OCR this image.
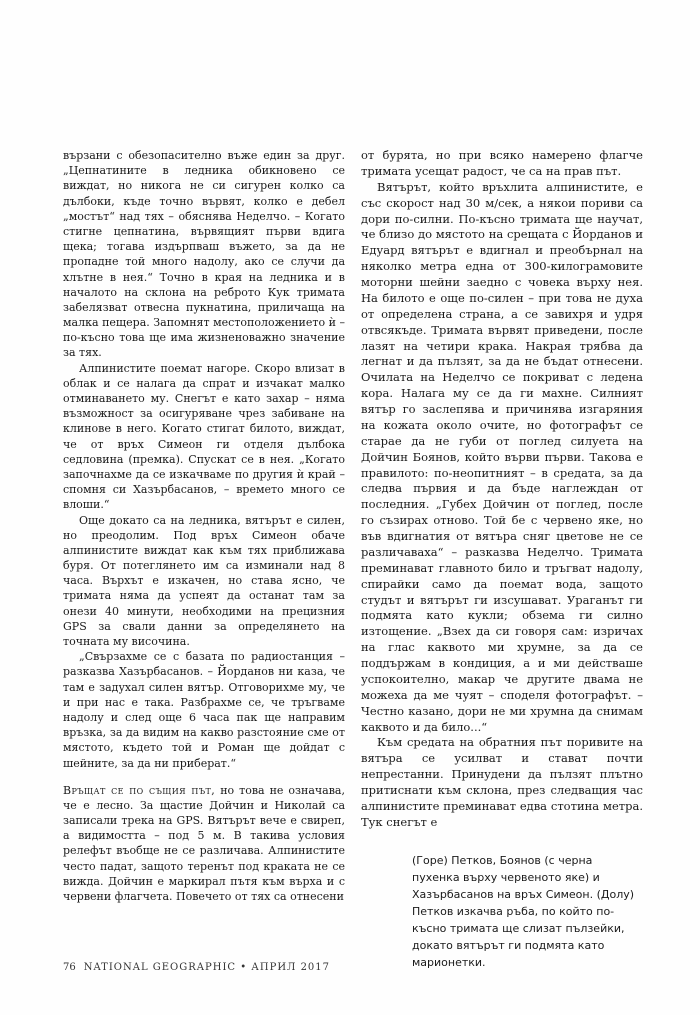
вързани с обезопасително въже един за друг. „Цепнатините в ледника обикновено се виждат, но никога не си сигурен колко са дълбоки, къде точно вървят, колко е дебел „мостът“ над тях – обяснява Неделчо. – Когато стигне цепнатина, вървящият първи вдига щека; тогава издърпваш въжето, за да не пропадне той много надолу, ако се случи да хлътне в нея.“ Точно в края на ледника и в началото на склона на реброто Кук тримата забелязват отвесна пукнатина, приличаща на малка пещера. Запомнят местоположението ѝ – по-късно това ще има жизненоважно значение за тях.

Алпинистите поемат нагоре. Скоро влизат в облак и се налага да спрат и изчакат малко отминаването му. Снегът е като захар – няма възможност за осигуряване чрез забиване на клинове в него. Когато стигат билото, виждат, че от връх Симеон ги отделя дълбока седловина (премка). Спускат се в нея. „Когато започнахме да се изкачваме по другия ѝ край – спомня си Хазърбасанов, – времето много се влоши.“

Още докато са на ледника, вятърът е силен, но преодолим. Под връх Симеон обаче алпинистите виждат как към тях приближава буря. От потеглянето им са изминали над 8 часа. Върхът е изкачен, но става ясно, че тримата няма да успеят да останат там за онези 40 минути, необходими на прецизния GPS за свали данни за определянето на точната му височина.

„Свързахме се с базата по радиостанция – разказва Хазърбасанов. – Йорданов ни каза, че там е задухал силен вятър. Отговорихме му, че и при нас е така. Разбрахме се, че тръгваме надолу и след още 6 часа пак ще направим връзка, за да видим на какво разстояние сме от мястото, където той и Роман ще дойдат с шейните, за да ни приберат.“

Връщат се по същия път, но това не означава, че е лесно. За щастие Дойчин и Николай са записали трека на GPS. Вятърът вече е свиреп, а видимостта – под 5 м. В такива условия релефът въобще не се различава. Алпинистите често падат, защото теренът под краката не се вижда. Дойчин е маркирал пътя към върха и с червени флагчета. Повечето от тях са отнесени

от бурята, но при всяко намерено флагче тримата усещат радост, че са на прав път.

Вятърът, който връхлита алпинистите, е със скорост над 30 м/сек, а някои пориви са дори по-силни. По-късно тримата ще научат, че близо до мястото на срещата с Йорданов и Едуард вятърът е вдигнал и преобърнал на няколко метра една от 300-килограмовите моторни шейни заедно с човека върху нея. На билото е още по-силен – при това не духа от определена страна, а се завихря и удря отвсякъде. Тримата вървят приведени, после лазят на четири крака. Накрая трябва да легнат и да пълзят, за да не бъдат отнесени. Очилата на Неделчо се покриват с ледена кора. Налага му се да ги махне. Силният вятър го заслепява и причинява изгаряния на кожата около очите, но фотографът се старае да не губи от поглед силуета на Дойчин Боянов, който върви първи. Такова е правилото: по-неопитният – в средата, за да следва първия и да бъде наглеждан от последния. „Губех Дойчин от поглед, после го съзирах отново. Той бе с червено яке, но във вдигнатия от вятъра сняг цветове не се различаваха“ – разказва Неделчо. Тримата преминават главното било и тръгват надолу, спирайки само да поемат вода, защото студът и вятърът ги изсушават. Ураганът ги подмята като кукли; обзема ги силно изтощение. „Взех да си говоря сам: изричах на глас каквото ми хрумне, за да се поддържам в кондиция, а и ми действаше успокоително, макар че другите двама не можеха да ме чуят – споделя фотографът. – Честно казано, дори не ми хрумна да снимам каквото и да било...“

Към средата на обратния път поривите на вятъра се усилват и стават почти непрестанни. Принудени да пълзят плътно притиснати към склона, през следващия час алпинистите преминават едва стотина метра. Тук снегът е

(Горе) Петков, Боянов (с черна пухенка върху червеното яке) и Хазърбасанов на връх Симеон. (Долу) Петков изкачва ръба, по който по-късно тримата ще слизат пълзейки, докато вятърът ги подмята като марионетки.
76 NATIONAL GEOGRAPHIC • АПРИЛ 2017
